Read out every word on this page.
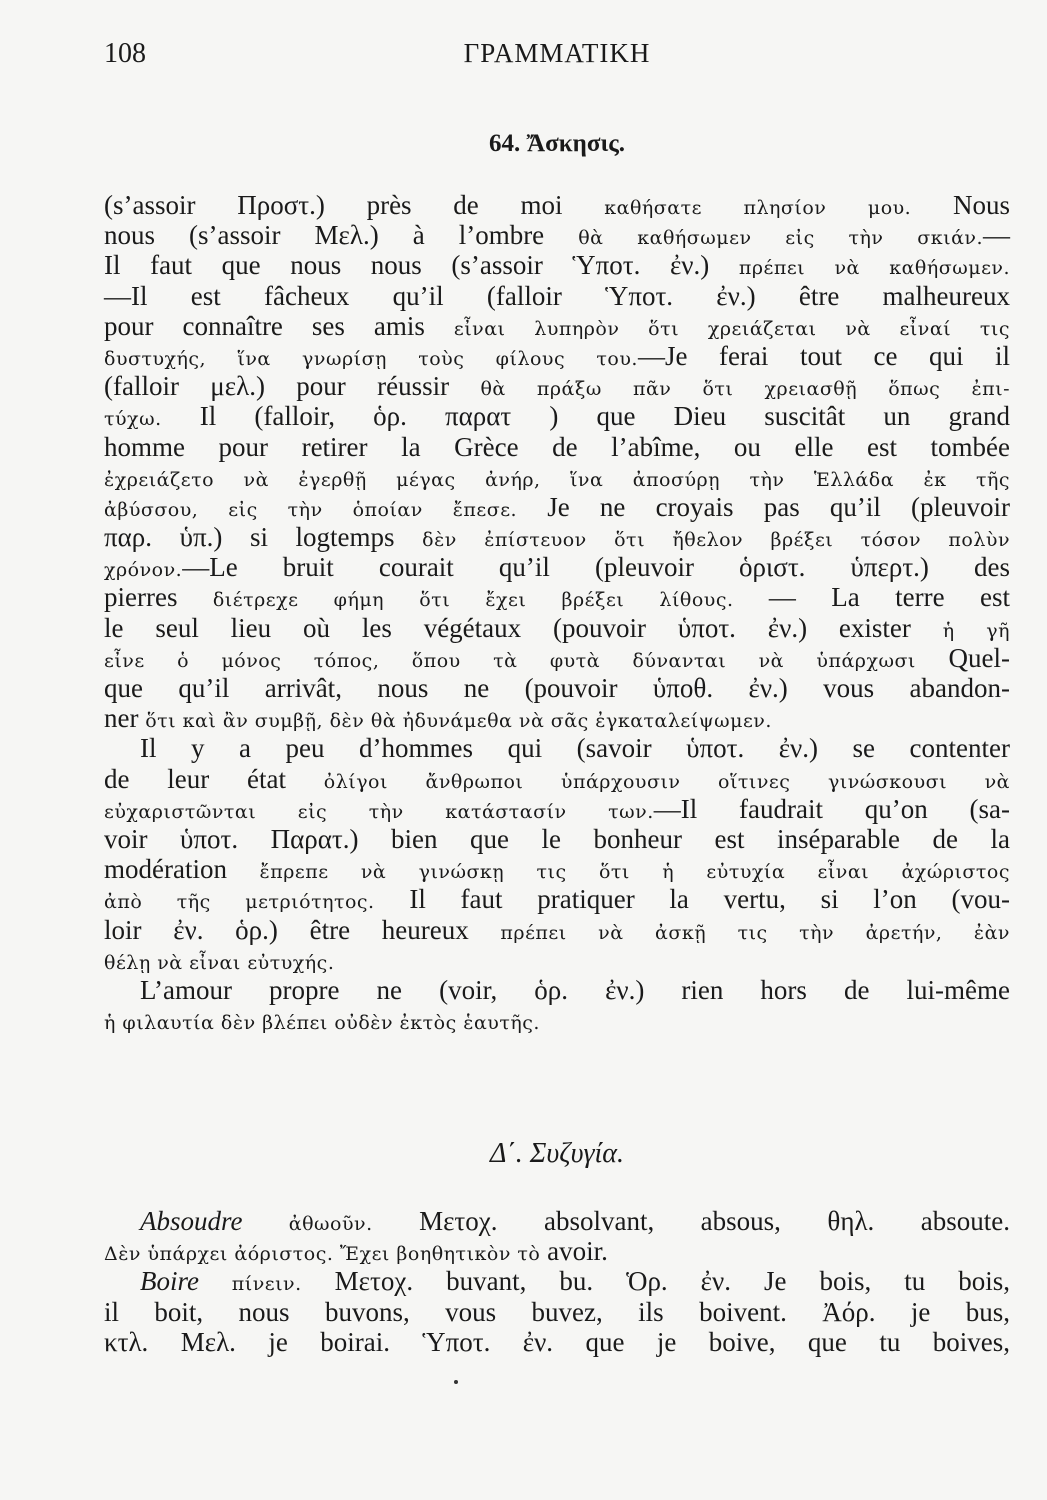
108	ΓΡΑΜΜΑΤΙΚΗ
64. Ἄσκησις.
(s’assoir Προστ.) près de moi καθήσατε πλησίον μου. Nous
nous (s’assoir Μελ.) à l’ombre θὰ καθήσωμεν εἰς τὴν σκιάν.—
Il faut que nous nous (s’assoir Ὑποτ. ἐν.) πρέπει νὰ καθήσωμεν.
—Il est fâcheux qu’il (falloir Ὑποτ. ἐν.) être malheureux
pour connaître ses amis εἶναι λυπηρὸν ὅτι χρειάζεται νὰ εἶναί τις
δυστυχής, ἵνα γνωρίσῃ τοὺς φίλους του.—Je ferai tout ce qui il
(falloir μελ.) pour réussir θὰ πράξω πᾶν ὅτι χρειασθῇ ὅπως ἐπι-
τύχω. Il (falloir, ὁρ. παρατ ) que Dieu suscitât un grand
homme pour retirer la Grèce de l’abîme, ou elle est tombée
ἐχρειάζετο νὰ ἐγερθῇ μέγας ἀνήρ, ἵνα ἀποσύρῃ τὴν Ἑλλάδα ἐκ τῆς
ἀβύσσου, εἰς τὴν ὁποίαν ἔπεσε. Je ne croyais pas qu’il (pleuvoir
παρ. ὑπ.) si logtemps δὲν ἐπίστευον ὅτι ἤθελον βρέξει τόσον πολὺν
χρόνον.—Le bruit courait qu’il (pleuvoir ὁριστ. ὑπερτ.) des
pierres διέτρεχε φήμη ὅτι ἔχει βρέξει λίθους. — La terre est
le seul lieu où les végétaux (pouvoir ὑποτ. ἐν.) exister ἡ γῆ
εἶνε ὁ μόνος τόπος, ὅπου τὰ φυτὰ δύνανται νὰ ὑπάρχωσι Quel-
que qu’il arrivât, nous ne (pouvoir ὑποθ. ἐν.) vous abandon-
ner ὅτι καὶ ἂν συμβῇ, δὲν θὰ ἠδυνάμεθα νὰ σᾶς ἐγκαταλείψωμεν.
Il y a peu d’hommes qui (savoir ὑποτ. ἐν.) se contenter
de leur état ὀλίγοι ἄνθρωποι ὑπάρχουσιν οἵτινες γινώσκουσι νὰ
εὐχαριστῶνται εἰς τὴν κατάστασίν των.—Il faudrait qu’on (sa-
voir ὑποτ. Παρατ.) bien que le bonheur est inséparable de la
modération ἔπρεπε νὰ γινώσκῃ τις ὅτι ἡ εὐτυχία εἶναι ἀχώριστος
ἀπὸ τῆς μετριότητος. Il faut pratiquer la vertu, si l’on (vou-
loir ἐν. ὁρ.) être heureux πρέπει νὰ ἀσκῇ τις τὴν ἀρετήν, ἐὰν
θέλῃ νὰ εἶναι εὐτυχής.
L’amour propre ne (voir, ὁρ. ἐν.) rien hors de lui-même
ἡ φιλαυτία δὲν βλέπει οὐδὲν ἐκτὸς ἑαυτῆς.
Δ΄. Συζυγία.
Absoudre ἀθωοῦν. Μετοχ. absolvant, absous, θηλ. absoute.
Δὲν ὑπάρχει ἀόριστος. Ἔχει βοηθητικὸν τὸ avoir.
Boire πίνειν. Μετοχ. buvant, bu. Ὁρ. ἐν. Je bois, tu bois,
il boit, nous buvons, vous buvez, ils boivent. Ἀόρ. je bus,
κτλ. Μελ. je boirai. Ὑποτ. ἐν. que je boive, que tu boives,
